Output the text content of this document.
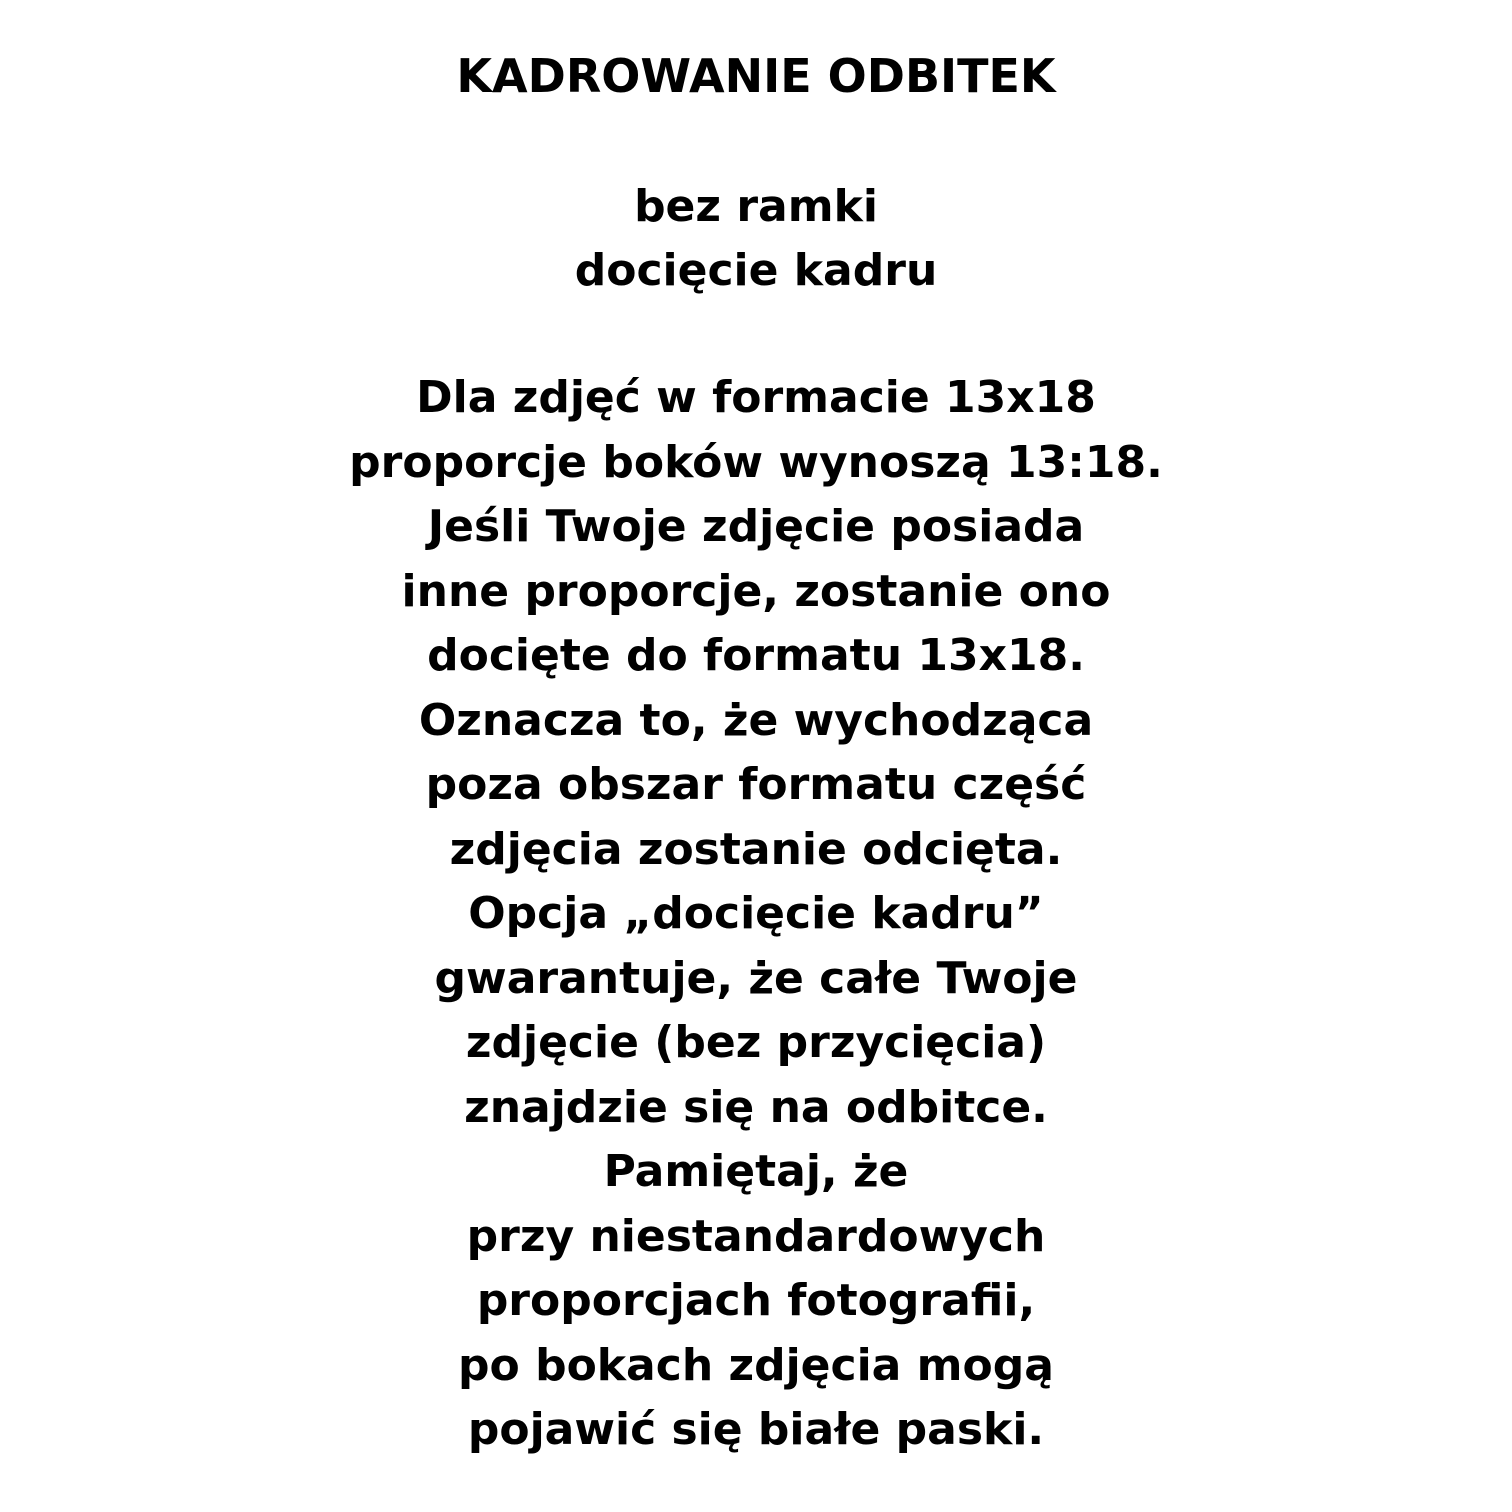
KADROWANIE ODBITEK
bez ramki
docięcie kadru
Dla zdjęć w formacie 13x18
proporcje boków wynoszą 13:18.
Jeśli Twoje zdjęcie posiada
inne proporcje, zostanie ono
docięte do formatu 13x18.
Oznacza to, że wychodząca
poza obszar formatu część
zdjęcia zostanie odcięta.
Opcja „docięcie kadru”
gwarantuje, że całe Twoje
zdjęcie (bez przycięcia)
znajdzie się na odbitce.
Pamiętaj, że
przy niestandardowych
proporcjach fotografii,
po bokach zdjęcia mogą
pojawić się białe paski.
